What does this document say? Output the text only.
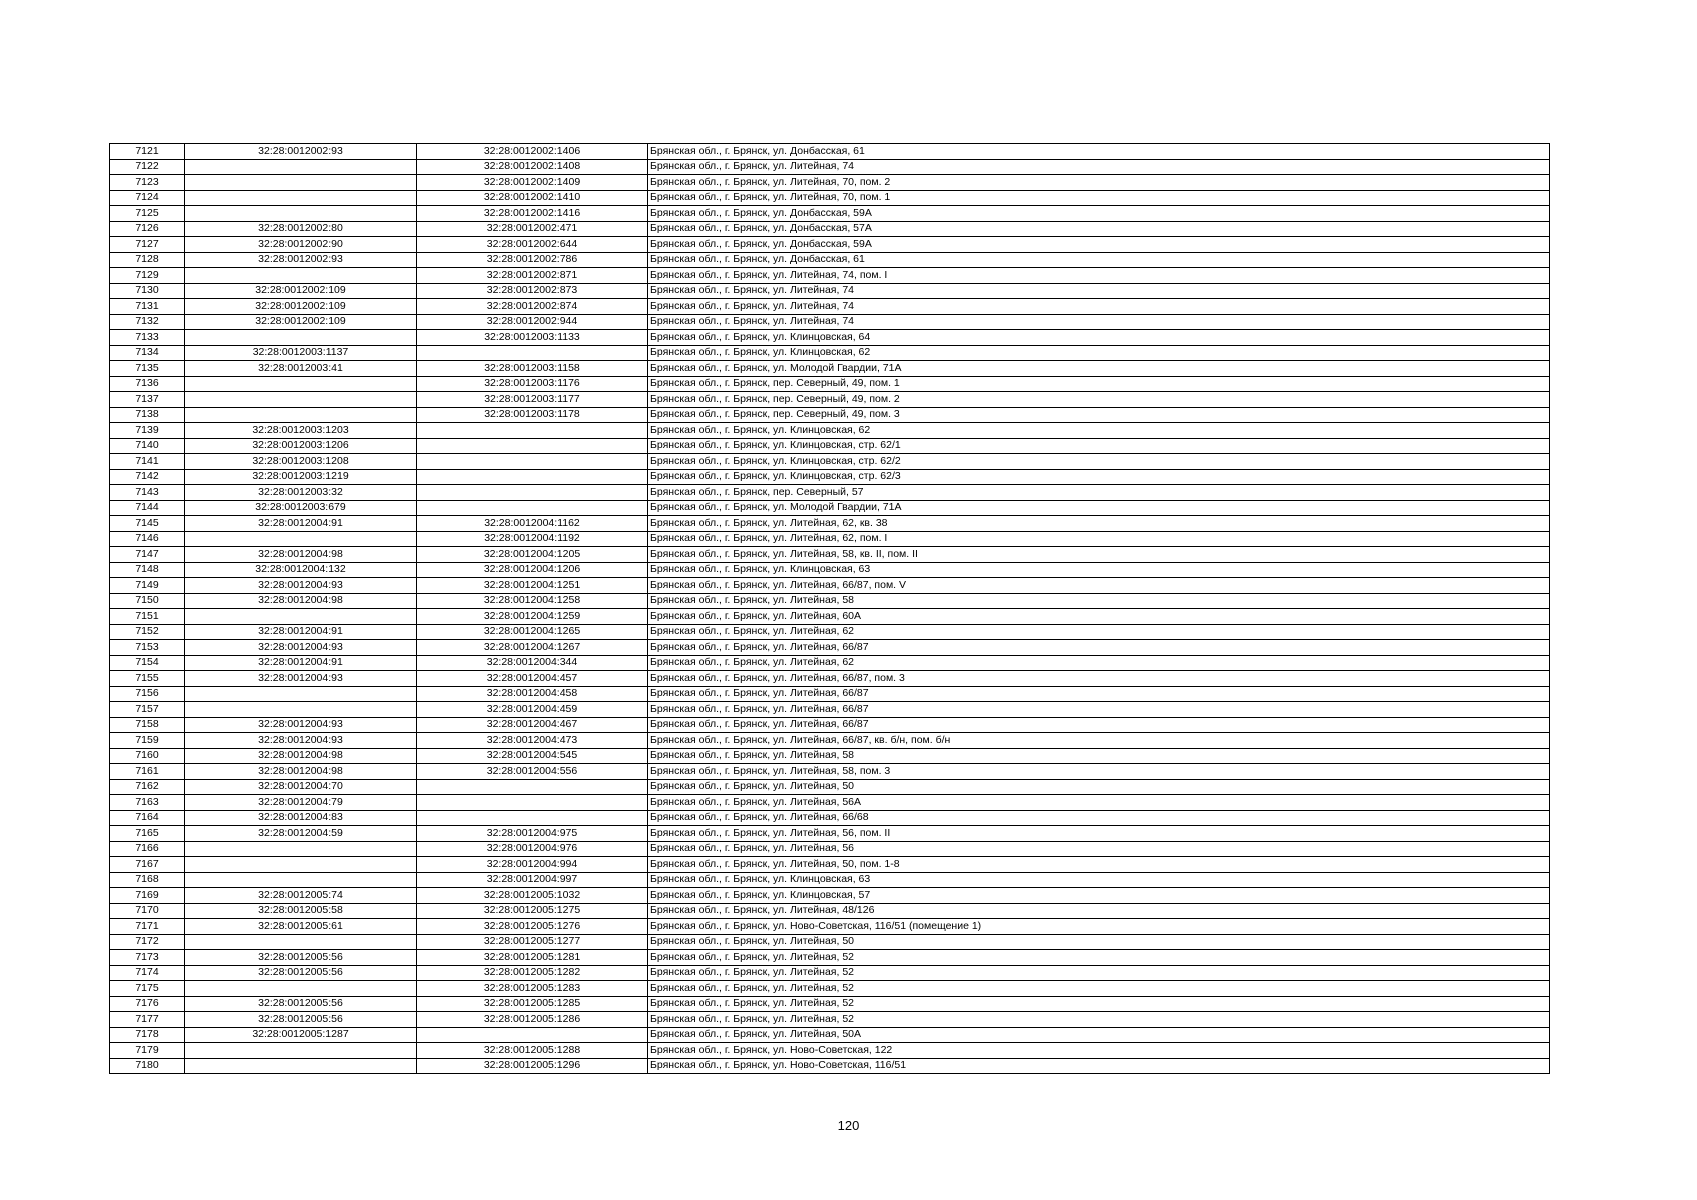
7121	32:28:0012002:93	32:28:0012002:1406	Брянская обл., г. Брянск, ул. Донбасская, 61
7122		32:28:0012002:1408	Брянская обл., г. Брянск, ул. Литейная, 74
7123		32:28:0012002:1409	Брянская обл., г. Брянск, ул. Литейная, 70, пом. 2
7124		32:28:0012002:1410	Брянская обл., г. Брянск, ул. Литейная, 70, пом. 1
7125		32:28:0012002:1416	Брянская обл., г. Брянск, ул. Донбасская, 59А
7126	32:28:0012002:80	32:28:0012002:471	Брянская обл., г. Брянск, ул. Донбасская, 57А
7127	32:28:0012002:90	32:28:0012002:644	Брянская обл., г. Брянск, ул. Донбасская, 59А
7128	32:28:0012002:93	32:28:0012002:786	Брянская обл., г. Брянск, ул. Донбасская, 61
7129		32:28:0012002:871	Брянская обл., г. Брянск, ул. Литейная, 74, пом. I
7130	32:28:0012002:109	32:28:0012002:873	Брянская обл., г. Брянск, ул. Литейная, 74
7131	32:28:0012002:109	32:28:0012002:874	Брянская обл., г. Брянск, ул. Литейная, 74
7132	32:28:0012002:109	32:28:0012002:944	Брянская обл., г. Брянск, ул. Литейная, 74
7133		32:28:0012003:1133	Брянская обл., г. Брянск, ул. Клинцовская, 64
7134	32:28:0012003:1137		Брянская обл., г. Брянск, ул. Клинцовская, 62
7135	32:28:0012003:41	32:28:0012003:1158	Брянская обл., г. Брянск, ул. Молодой Гвардии, 71А
7136		32:28:0012003:1176	Брянская обл., г. Брянск, пер. Северный, 49, пом. 1
7137		32:28:0012003:1177	Брянская обл., г. Брянск, пер. Северный, 49, пом. 2
7138		32:28:0012003:1178	Брянская обл., г. Брянск, пер. Северный, 49, пом. 3
7139	32:28:0012003:1203		Брянская обл., г. Брянск, ул. Клинцовская, 62
7140	32:28:0012003:1206		Брянская обл., г. Брянск, ул. Клинцовская, стр. 62/1
7141	32:28:0012003:1208		Брянская обл., г. Брянск, ул. Клинцовская, стр. 62/2
7142	32:28:0012003:1219		Брянская обл., г. Брянск, ул. Клинцовская, стр. 62/3
7143	32:28:0012003:32		Брянская обл., г. Брянск, пер. Северный, 57
7144	32:28:0012003:679		Брянская обл., г. Брянск, ул. Молодой Гвардии, 71А
7145	32:28:0012004:91	32:28:0012004:1162	Брянская обл., г. Брянск, ул. Литейная, 62, кв. 38
7146		32:28:0012004:1192	Брянская обл., г. Брянск, ул. Литейная, 62, пом. I
7147	32:28:0012004:98	32:28:0012004:1205	Брянская обл., г. Брянск, ул. Литейная, 58, кв. II, пом. II
7148	32:28:0012004:132	32:28:0012004:1206	Брянская обл., г. Брянск, ул. Клинцовская, 63
7149	32:28:0012004:93	32:28:0012004:1251	Брянская обл., г. Брянск, ул. Литейная, 66/87, пом. V
7150	32:28:0012004:98	32:28:0012004:1258	Брянская обл., г. Брянск, ул. Литейная, 58
7151		32:28:0012004:1259	Брянская обл., г. Брянск, ул. Литейная, 60А
7152	32:28:0012004:91	32:28:0012004:1265	Брянская обл., г. Брянск, ул. Литейная, 62
7153	32:28:0012004:93	32:28:0012004:1267	Брянская обл., г. Брянск, ул. Литейная, 66/87
7154	32:28:0012004:91	32:28:0012004:344	Брянская обл., г. Брянск, ул. Литейная, 62
7155	32:28:0012004:93	32:28:0012004:457	Брянская обл., г. Брянск, ул. Литейная, 66/87, пом. 3
7156		32:28:0012004:458	Брянская обл., г. Брянск, ул. Литейная, 66/87
7157		32:28:0012004:459	Брянская обл., г. Брянск, ул. Литейная, 66/87
7158	32:28:0012004:93	32:28:0012004:467	Брянская обл., г. Брянск, ул. Литейная, 66/87
7159	32:28:0012004:93	32:28:0012004:473	Брянская обл., г. Брянск, ул. Литейная, 66/87, кв. б/н, пом. б/н
7160	32:28:0012004:98	32:28:0012004:545	Брянская обл., г. Брянск, ул. Литейная, 58
7161	32:28:0012004:98	32:28:0012004:556	Брянская обл., г. Брянск, ул. Литейная, 58, пом. 3
7162	32:28:0012004:70		Брянская обл., г. Брянск, ул. Литейная, 50
7163	32:28:0012004:79		Брянская обл., г. Брянск, ул. Литейная, 56А
7164	32:28:0012004:83		Брянская обл., г. Брянск, ул. Литейная, 66/68
7165	32:28:0012004:59	32:28:0012004:975	Брянская обл., г. Брянск, ул. Литейная, 56, пом. II
7166		32:28:0012004:976	Брянская обл., г. Брянск, ул. Литейная, 56
7167		32:28:0012004:994	Брянская обл., г. Брянск, ул. Литейная, 50, пом. 1-8
7168		32:28:0012004:997	Брянская обл., г. Брянск, ул. Клинцовская, 63
7169	32:28:0012005:74	32:28:0012005:1032	Брянская обл., г. Брянск, ул. Клинцовская, 57
7170	32:28:0012005:58	32:28:0012005:1275	Брянская обл., г. Брянск, ул. Литейная, 48/126
7171	32:28:0012005:61	32:28:0012005:1276	Брянская обл., г. Брянск, ул. Ново-Советская, 116/51 (помещение 1)
7172		32:28:0012005:1277	Брянская обл., г. Брянск, ул. Литейная, 50
7173	32:28:0012005:56	32:28:0012005:1281	Брянская обл., г. Брянск, ул. Литейная, 52
7174	32:28:0012005:56	32:28:0012005:1282	Брянская обл., г. Брянск, ул. Литейная, 52
7175		32:28:0012005:1283	Брянская обл., г. Брянск, ул. Литейная, 52
7176	32:28:0012005:56	32:28:0012005:1285	Брянская обл., г. Брянск, ул. Литейная, 52
7177	32:28:0012005:56	32:28:0012005:1286	Брянская обл., г. Брянск, ул. Литейная, 52
7178	32:28:0012005:1287		Брянская обл., г. Брянск, ул. Литейная, 50А
7179		32:28:0012005:1288	Брянская обл., г. Брянск, ул. Ново-Советская, 122
7180		32:28:0012005:1296	Брянская обл., г. Брянск, ул. Ново-Советская, 116/51
120
